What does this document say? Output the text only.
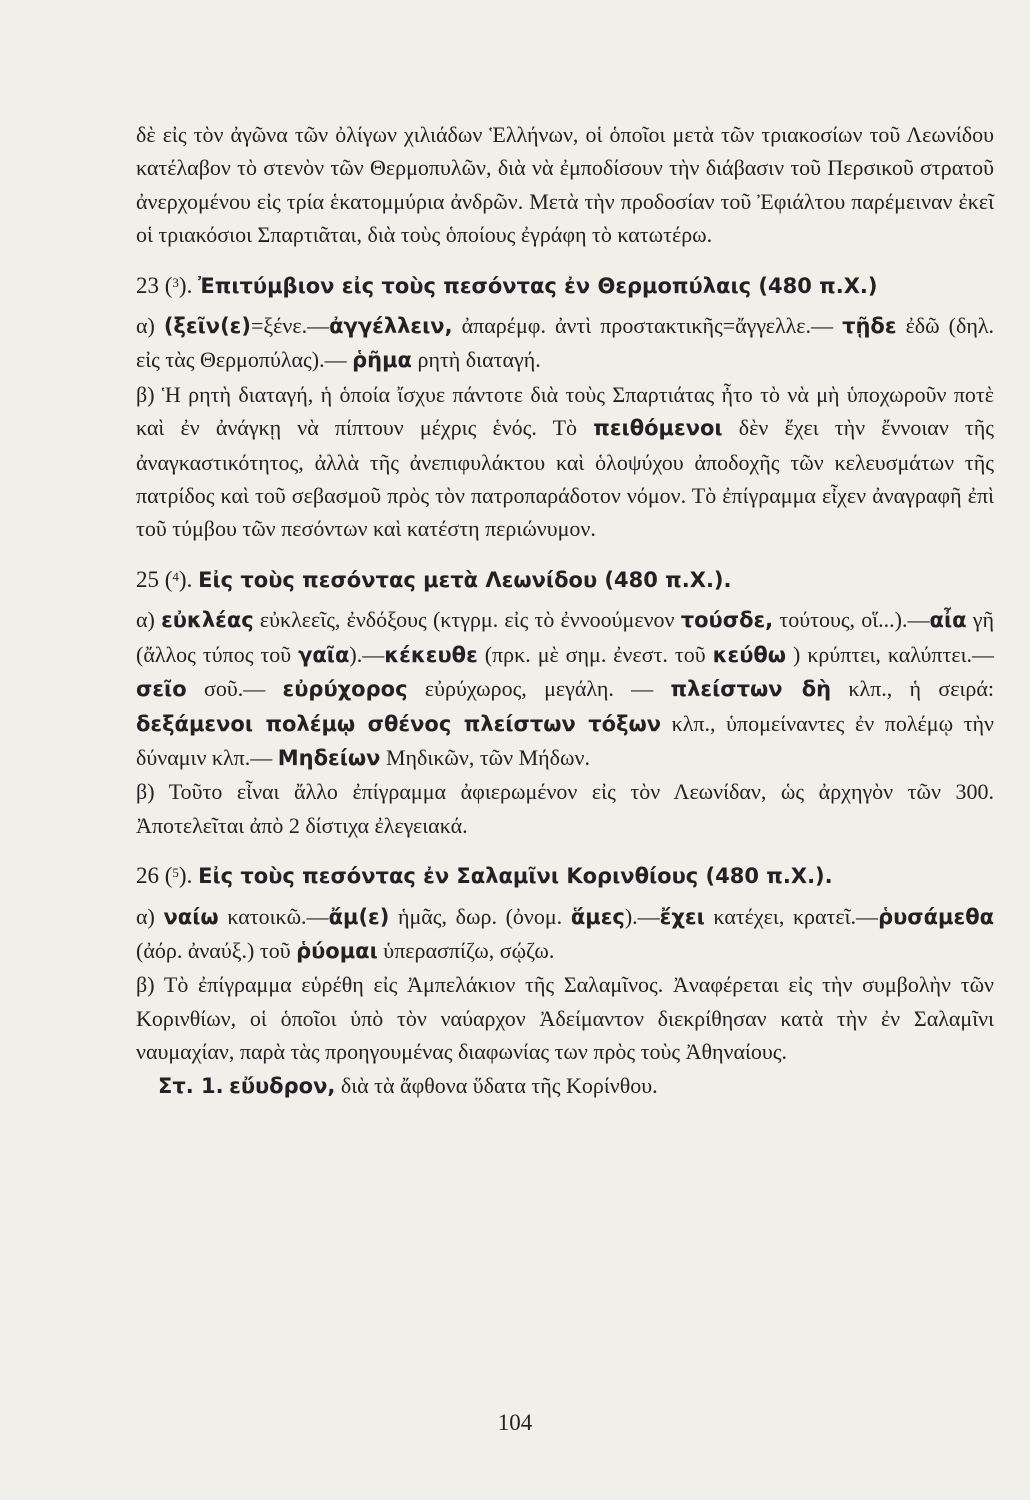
δὲ εἰς τὸν ἀγῶνα τῶν ὀλίγων χιλιάδων Ἑλλήνων, οἱ ὁποῖοι μετὰ τῶν τριακοσίων τοῦ Λεωνίδου κατέλαβον τὸ στενὸν τῶν Θερμοπυλῶν, διὰ νὰ ἐμποδίσουν τὴν διάβασιν τοῦ Περσικοῦ στρατοῦ ἀνερχομένου εἰς τρία ἑκατομμύρια ἀνδρῶν. Μετὰ τὴν προδοσίαν τοῦ Ἐφιάλτου παρέμειναν ἐκεῖ οἱ τριακόσιοι Σπαρτιᾶται, διὰ τοὺς ὁποίους ἐγράφη τὸ κατωτέρω.

23 ($^3$). Ἐπιτύμβιον εἰς τοὺς πεσόντας ἐν Θερμοπύλαις (480 π.Χ.)

α) (ξεῖν(ε)=ξένε.—ἀγγέλλειν, ἀπαρέμφ. ἀντὶ προστακτικῆς=ἄγγελλε.— τῇδε ἐδῶ (δηλ. εἰς τὰς Θερμοπύλας).— ῥῆμα ρητὴ διαταγή.

β) Ἡ ρητὴ διαταγή, ἡ ὁποία ἴσχυε πάντοτε διὰ τοὺς Σπαρτιάτας ἦτο τὸ νὰ μὴ ὑποχωροῦν ποτὲ καὶ ἐν ἀνάγκῃ νὰ πίπτουν μέχρις ἑνός. Τὸ πειθόμενοι δὲν ἔχει τὴν ἔννοιαν τῆς ἀναγκαστικότητος, ἀλλὰ τῆς ἀνεπιφυλάκτου καὶ ὁλοψύχου ἀποδοχῆς τῶν κελευσμάτων τῆς πατρίδος καὶ τοῦ σεβασμοῦ πρὸς τὸν πατροπαράδοτον νόμον. Τὸ ἐπίγραμμα εἶχεν ἀναγραφῆ ἐπὶ τοῦ τύμβου τῶν πεσόντων καὶ κατέστη περιώνυμον.

25 ($^4$). Εἰς τοὺς πεσόντας μετὰ Λεωνίδου (480 π.Χ.).

α) εὐκλέας εὐκλεεῖς, ἐνδόξους (κτγρμ. εἰς τὸ ἐννοούμενον τούσδε, τούτους, οἵ...).—αἶα γῆ (ἄλλος τύπος τοῦ γαῖα).—κέκευθε (πρκ. μὲ σημ. ἐνεστ. τοῦ κεύθω ) κρύπτει, καλύπτει.— σεῖο σοῦ.— εὐρύχορος εὐρύχωρος, μεγάλη. — πλείστων δὴ κλπ., ἡ σειρά: δεξάμενοι πολέμῳ σθένος πλείστων τόξων κλπ., ὑπομείναντες ἐν πολέμῳ τὴν δύναμιν κλπ.— Μηδείων Μηδικῶν, τῶν Μήδων.

β) Τοῦτο εἶναι ἄλλο ἐπίγραμμα ἀφιερωμένον εἰς τὸν Λεωνίδαν, ὡς ἀρχηγὸν τῶν 300. Ἀποτελεῖται ἀπὸ 2 δίστιχα ἐλεγειακά.

26 ($^5$). Εἰς τοὺς πεσόντας ἐν Σαλαμῖνι Κορινθίους (480 π.Χ.).

α) ναίω κατοικῶ.—ἄμ(ε) ἡμᾶς, δωρ. (ὀνομ. ἅμες).—ἔχει κατέχει, κρατεῖ.—ῥυσάμεθα (ἀόρ. ἀναύξ.) τοῦ ῥύομαι ὑπερασπίζω, σῴζω.

β) Τὸ ἐπίγραμμα εὑρέθη εἰς Ἀμπελάκιον τῆς Σαλαμῖνος. Ἀναφέρεται εἰς τὴν συμβολὴν τῶν Κορινθίων, οἱ ὁποῖοι ὑπὸ τὸν ναύαρχον Ἀδείμαντον διεκρίθησαν κατὰ τὴν ἐν Σαλαμῖνι ναυμαχίαν, παρὰ τὰς προηγουμένας διαφωνίας των πρὸς τοὺς Ἀθηναίους.

Στ. 1. εὔυδρον, διὰ τὰ ἄφθονα ὕδατα τῆς Κορίνθου.

104
